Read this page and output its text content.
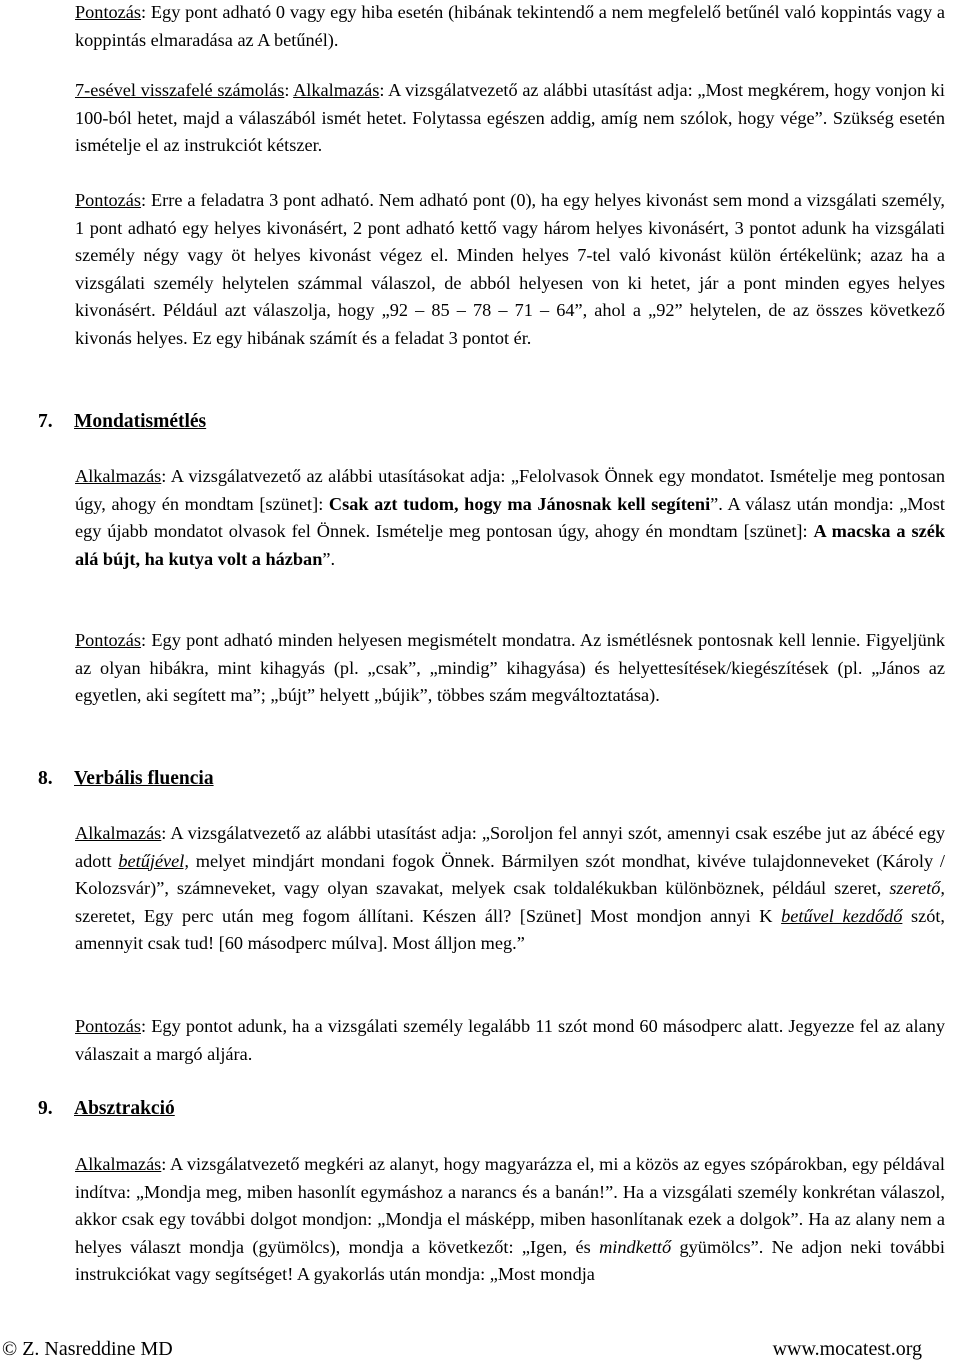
Pontozás: Egy pont adható 0 vagy egy hiba esetén (hibának tekintendő a nem megfelelő betűnél való koppintás vagy a koppintás elmaradása az A betűnél).

7-esével visszafelé számolás: Alkalmazás: A vizsgálatvezető az alábbi utasítást adja: „Most megkérem, hogy vonjon ki 100-ból hetet, majd a válaszából ismét hetet. Folytassa egészen addig, amíg nem szólok, hogy vége”. Szükség esetén ismételje el az instrukciót kétszer.

Pontozás: Erre a feladatra 3 pont adható. Nem adható pont (0), ha egy helyes kivonást sem mond a vizsgálati személy, 1 pont adható egy helyes kivonásért, 2 pont adható kettő vagy három helyes kivonásért, 3 pontot adunk ha vizsgálati személy négy vagy öt helyes kivonást végez el. Minden helyes 7-tel való kivonást külön értékelünk; azaz ha a vizsgálati személy helytelen számmal válaszol, de abból helyesen von ki hetet, jár a pont minden egyes helyes kivonásért. Például azt válaszolja, hogy „92 – 85 – 78 – 71 – 64”, ahol a „92” helytelen, de az összes következő kivonás helyes. Ez egy hibának számít és a feladat 3 pontot ér.

7. Mondatismétlés

Alkalmazás: A vizsgálatvezető az alábbi utasításokat adja: „Felolvasok Önnek egy mondatot. Ismételje meg pontosan úgy, ahogy én mondtam [szünet]: Csak azt tudom, hogy ma Jánosnak kell segíteni”. A válasz után mondja: „Most egy újabb mondatot olvasok fel Önnek. Ismételje meg pontosan úgy, ahogy én mondtam [szünet]: A macska a szék alá bújt, ha kutya volt a házban”.

Pontozás: Egy pont adható minden helyesen megismételt mondatra. Az ismétlésnek pontosnak kell lennie. Figyeljünk az olyan hibákra, mint kihagyás (pl. „csak”, „mindig” kihagyása) és helyettesítések/kiegészítések (pl. „János az egyetlen, aki segített ma”; „bújt” helyett „bújik”, többes szám megváltoztatása).

8. Verbális fluencia

Alkalmazás: A vizsgálatvezető az alábbi utasítást adja: „Soroljon fel annyi szót, amennyi csak eszébe jut az ábécé egy adott betűjével, melyet mindjárt mondani fogok Önnek. Bármilyen szót mondhat, kivéve tulajdonneveket (Károly / Kolozsvár)”, számneveket, vagy olyan szavakat, melyek csak toldalékukban különböznek, például szeret, szerető, szeretet, Egy perc után meg fogom állítani. Készen áll? [Szünet] Most mondjon annyi K betűvel kezdődő szót, amennyit csak tud! [60 másodperc múlva]. Most álljon meg.”

Pontozás: Egy pontot adunk, ha a vizsgálati személy legalább 11 szót mond 60 másodperc alatt. Jegyezze fel az alany válaszait a margó aljára.

9. Absztrakció

Alkalmazás: A vizsgálatvezető megkéri az alanyt, hogy magyarázza el, mi a közös az egyes szópárokban, egy példával indítva: „Mondja meg, miben hasonlít egymáshoz a narancs és a banán!”. Ha a vizsgálati személy konkrétan válaszol, akkor csak egy további dolgot mondjon: „Mondja el másképp, miben hasonlítanak ezek a dolgok”. Ha az alany nem a helyes választ mondja (gyümölcs), mondja a következőt: „Igen, és mindkettő gyümölcs”. Ne adjon neki további instrukciókat vagy segítséget! A gyakorlás után mondja: „Most mondja

© Z. Nasreddine MD	www.mocatest.org
